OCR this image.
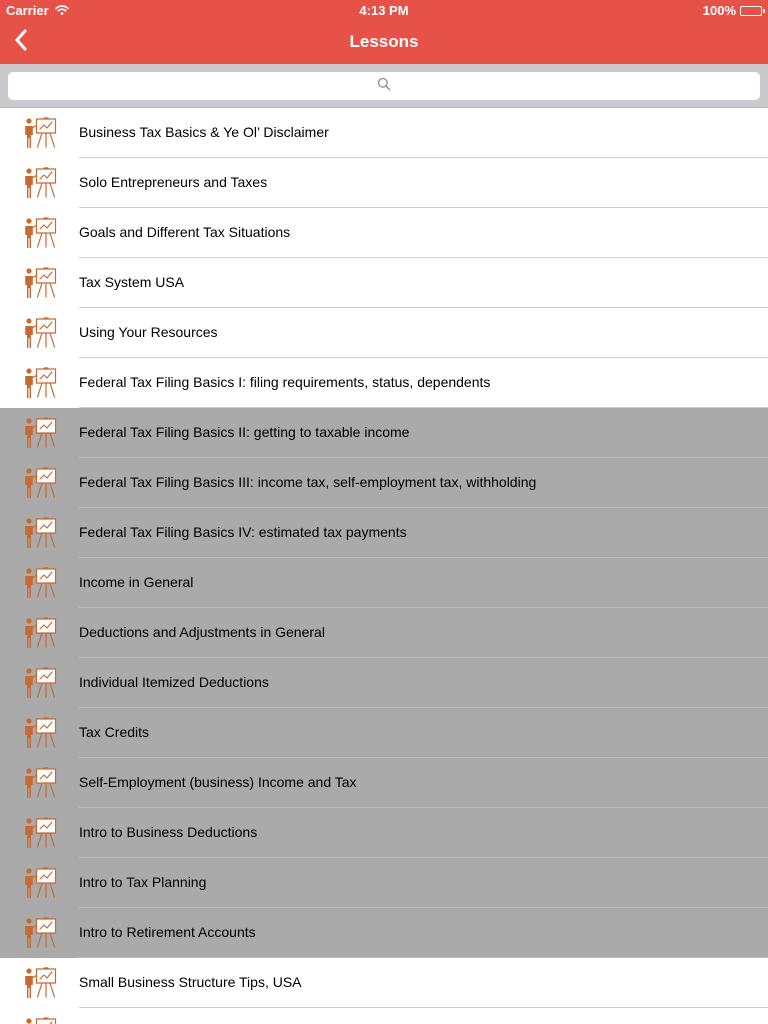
Carrier	4:13 PM	100%
Lessons
Business Tax Basics & Ye Ol’ Disclaimer
Solo Entrepreneurs and Taxes
Goals and Different Tax Situations
Tax System USA
Using Your Resources
Federal Tax Filing Basics I: filing requirements, status, dependents
Federal Tax Filing Basics II: getting to taxable income
Federal Tax Filing Basics III: income tax, self-employment tax, withholding
Federal Tax Filing Basics IV: estimated tax payments
Income in General
Deductions and Adjustments in General
Individual Itemized Deductions
Tax Credits
Self-Employment (business) Income and Tax
Intro to Business Deductions
Intro to Tax Planning
Intro to Retirement Accounts
Small Business Structure Tips, USA
